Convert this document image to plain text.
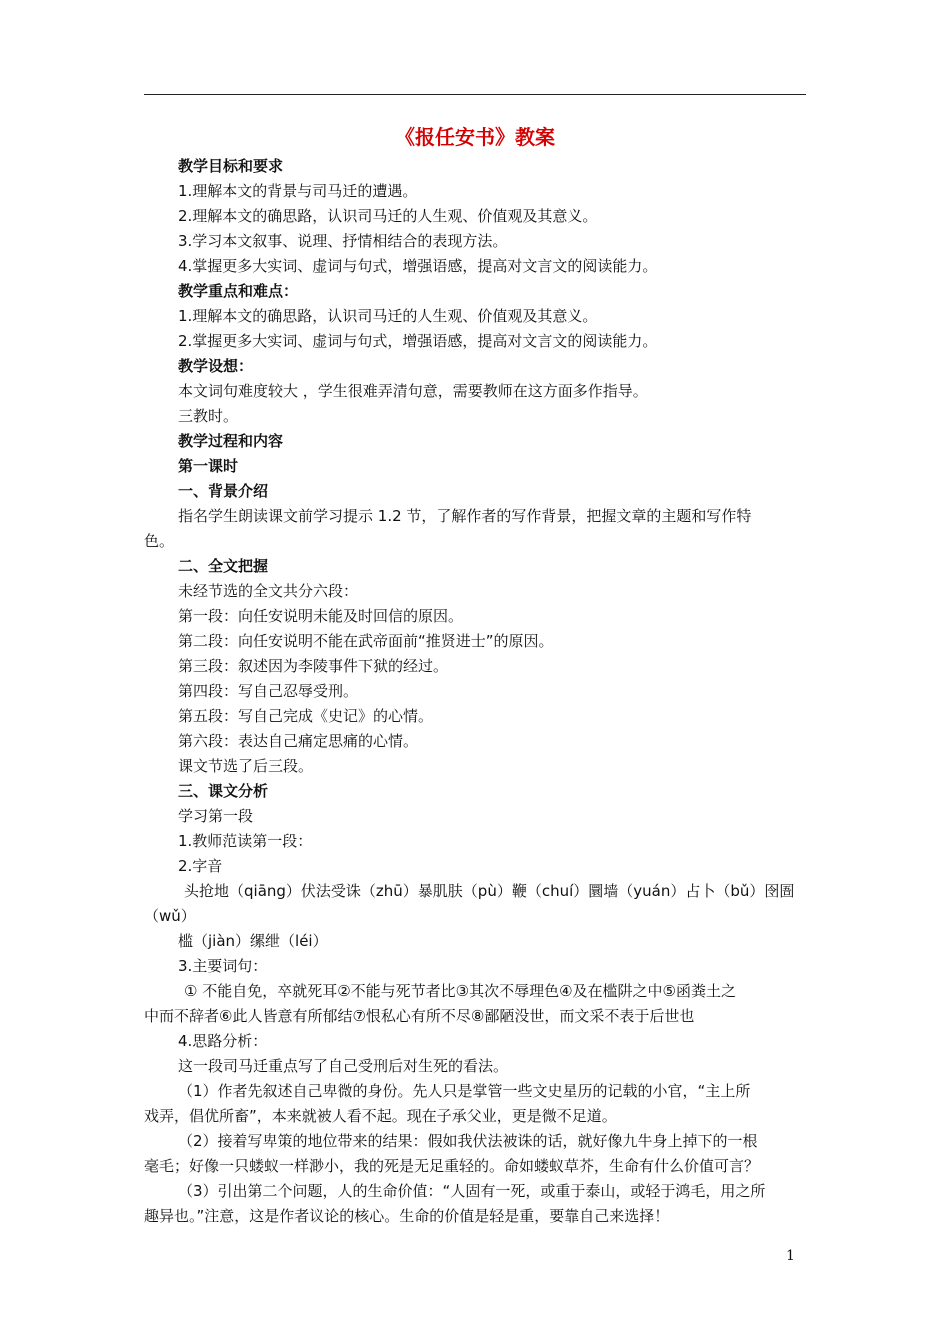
《报任安书》教案
教学目标和要求
1.理解本文的背景与司马迁的遭遇。
2.理解本文的确思路，认识司马迁的人生观、价值观及其意义。
3.学习本文叙事、说理、抒情相结合的表现方法。
4.掌握更多大实词、虚词与句式，增强语感，提高对文言文的阅读能力。
教学重点和难点：
1.理解本文的确思路，认识司马迁的人生观、价值观及其意义。
2.掌握更多大实词、虚词与句式，增强语感，提高对文言文的阅读能力。
教学设想：
本文词句难度较大 ，学生很难弄清句意，需要教师在这方面多作指导。
三教时。
教学过程和内容
第一课时
一、背景介绍
指名学生朗读课文前学习提示 1.2 节，了解作者的写作背景，把握文章的主题和写作特
色。
二、全文把握
未经节选的全文共分六段：
第一段：向任安说明未能及时回信的原因。
第二段：向任安说明不能在武帝面前“推贤进士”的原因。
第三段：叙述因为李陵事件下狱的经过。
第四段：写自己忍辱受刑。
第五段：写自己完成《史记》的心情。
第六段：表达自己痛定思痛的心情。
课文节选了后三段。
三、课文分析
学习第一段
1.教师范读第一段：
2.字音
头抢地（qiāng）伏法受诛（zhū）暴肌肤（pù）鞭（chuí）圜墙（yuán）占卜（bǔ）囹圄
（wǔ）
槛（jiàn）缧绁（léi）
3.主要词句：
① 不能自免，卒就死耳②不能与死节者比③其次不辱理色④及在槛阱之中⑤函粪土之
中而不辞者⑥此人皆意有所郁结⑦恨私心有所不尽⑧鄙陋没世，而文采不表于后世也
4.思路分析：
这一段司马迁重点写了自己受刑后对生死的看法。
（1）作者先叙述自己卑微的身份。先人只是掌管一些文史星历的记载的小官，“主上所
戏弄，倡优所畜”，本来就被人看不起。现在子承父业，更是微不足道。
（2）接着写卑策的地位带来的结果：假如我伏法被诛的话，就好像九牛身上掉下的一根
毫毛；好像一只蝼蚁一样渺小，我的死是无足重轻的。命如蝼蚁草芥，生命有什么价值可言？
（3）引出第二个问题，人的生命价值：“人固有一死，或重于泰山，或轻于鸿毛，用之所
趣异也。”注意，这是作者议论的核心。生命的价值是轻是重，要靠自己来选择！
1
